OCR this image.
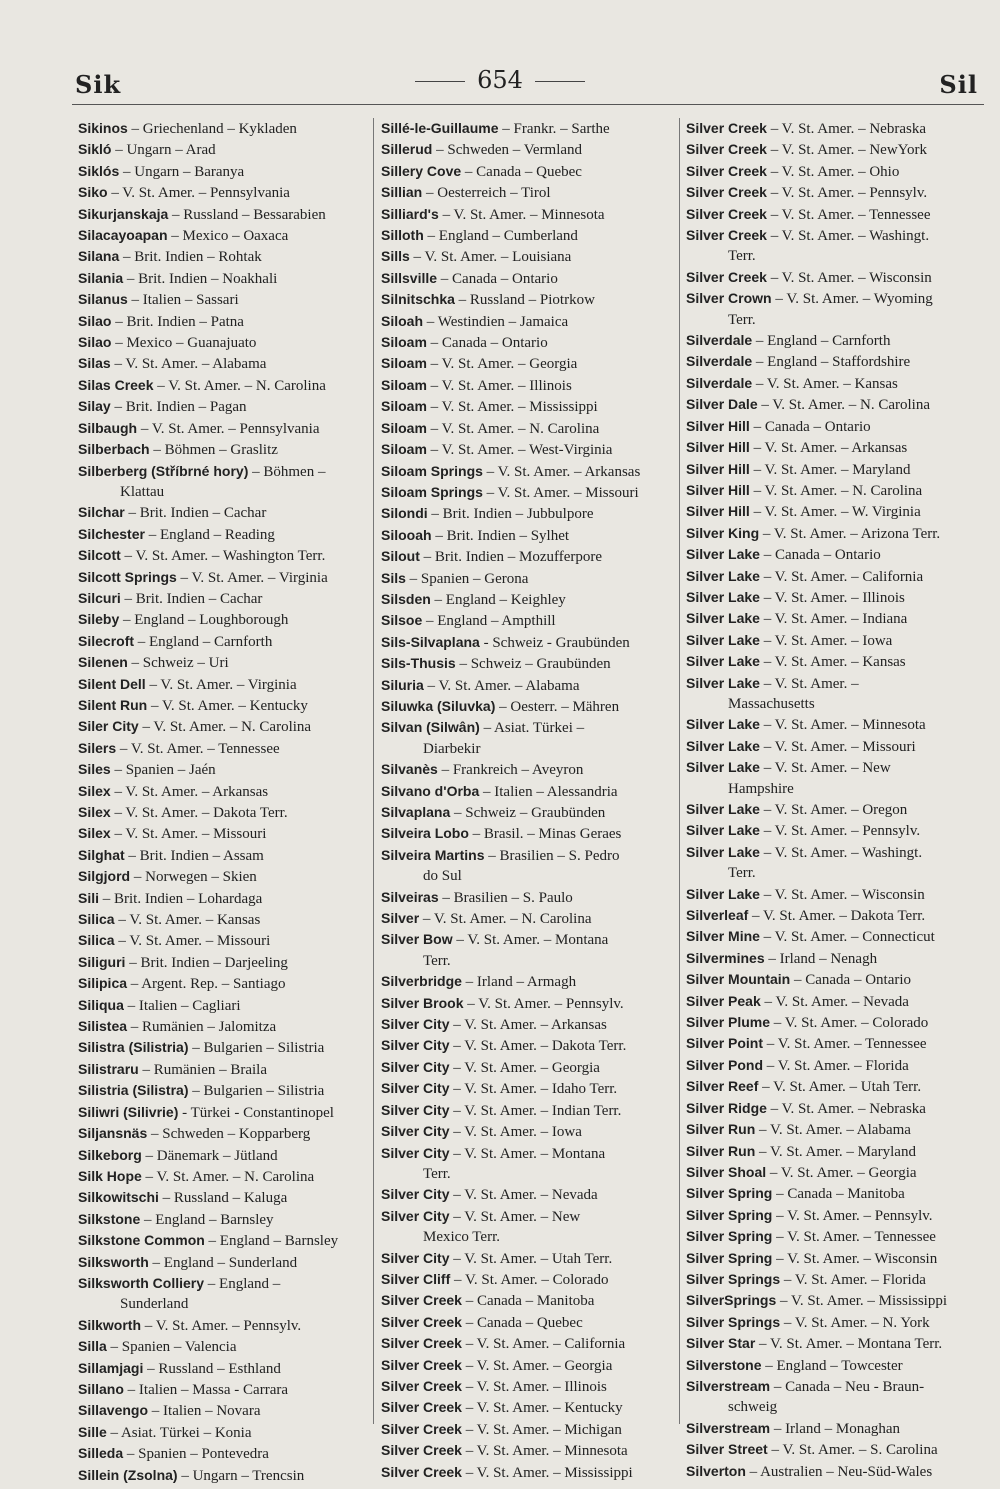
Sik	654	Sil
Sikinos – Griechenland – Kykladen
Sikló – Ungarn – Arad
Siklós – Ungarn – Baranya
Siko – V. St. Amer. – Pennsylvania
Sikurjanskaja – Russland – Bessarabien
Silacayoapan – Mexico – Oaxaca
Silana – Brit. Indien – Rohtak
Silania – Brit. Indien – Noakhali
Silanus – Italien – Sassari
Silao – Brit. Indien – Patna
Silao – Mexico – Guanajuato
Silas – V. St. Amer. – Alabama
Silas Creek – V. St. Amer. – N. Carolina
Silay – Brit. Indien – Pagan
Silbaugh – V. St. Amer. – Pennsylvania
Silberbach – Böhmen – Graslitz
Silberberg (Stříbrné hory) – Böhmen –
Klattau
Silchar – Brit. Indien – Cachar
Silchester – England – Reading
Silcott – V. St. Amer. – Washington Terr.
Silcott Springs – V. St. Amer. – Virginia
Silcuri – Brit. Indien – Cachar
Sileby – England – Loughborough
Silecroft – England – Carnforth
Silenen – Schweiz – Uri
Silent Dell – V. St. Amer. – Virginia
Silent Run – V. St. Amer. – Kentucky
Siler City – V. St. Amer. – N. Carolina
Silers – V. St. Amer. – Tennessee
Siles – Spanien – Jaén
Silex – V. St. Amer. – Arkansas
Silex – V. St. Amer. – Dakota Terr.
Silex – V. St. Amer. – Missouri
Silghat – Brit. Indien – Assam
Silgjord – Norwegen – Skien
Sili – Brit. Indien – Lohardaga
Silica – V. St. Amer. – Kansas
Silica – V. St. Amer. – Missouri
Siliguri – Brit. Indien – Darjeeling
Silipica – Argent. Rep. – Santiago
Siliqua – Italien – Cagliari
Silistea – Rumänien – Jalomitza
Silistra (Silistria) – Bulgarien – Silistria
Silistraru – Rumänien – Braila
Silistria (Silistra) – Bulgarien – Silistria
Siliwri (Silivrie) - Türkei - Constantinopel
Siljansnäs – Schweden – Kopparberg
Silkeborg – Dänemark – Jütland
Silk Hope – V. St. Amer. – N. Carolina
Silkowitschi – Russland – Kaluga
Silkstone – England – Barnsley
Silkstone Common – England – Barnsley
Silksworth – England – Sunderland
Silksworth Colliery – England –
Sunderland
Silkworth – V. St. Amer. – Pennsylv.
Silla – Spanien – Valencia
Sillamjagi – Russland – Esthland
Sillano – Italien – Massa - Carrara
Sillavengo – Italien – Novara
Sille – Asiat. Türkei – Konia
Silleda – Spanien – Pontevedra
Sillein (Zsolna) – Ungarn – Trencsin
Sillé-le-Guillaume – Frankr. – Sarthe
Sillerud – Schweden – Vermland
Sillery Cove – Canada – Quebec
Sillian – Oesterreich – Tirol
Silliard's – V. St. Amer. – Minnesota
Silloth – England – Cumberland
Sills – V. St. Amer. – Louisiana
Sillsville – Canada – Ontario
Silnitschka – Russland – Piotrkow
Siloah – Westindien – Jamaica
Siloam – Canada – Ontario
Siloam – V. St. Amer. – Georgia
Siloam – V. St. Amer. – Illinois
Siloam – V. St. Amer. – Mississippi
Siloam – V. St. Amer. – N. Carolina
Siloam – V. St. Amer. – West-Virginia
Siloam Springs – V. St. Amer. – Arkansas
Siloam Springs – V. St. Amer. – Missouri
Silondi – Brit. Indien – Jubbulpore
Silooah – Brit. Indien – Sylhet
Silout – Brit. Indien – Mozufferpore
Sils – Spanien – Gerona
Silsden – England – Keighley
Silsoe – England – Ampthill
Sils-Silvaplana - Schweiz - Graubünden
Sils-Thusis – Schweiz – Graubünden
Siluria – V. St. Amer. – Alabama
Siluwka (Siluvka) – Oesterr. – Mähren
Silvan (Silwân) – Asiat. Türkei –
Diarbekir
Silvanès – Frankreich – Aveyron
Silvano d'Orba – Italien – Alessandria
Silvaplana – Schweiz – Graubünden
Silveira Lobo – Brasil. – Minas Geraes
Silveira Martins – Brasilien – S. Pedro
do Sul
Silveiras – Brasilien – S. Paulo
Silver – V. St. Amer. – N. Carolina
Silver Bow – V. St. Amer. – Montana
Terr.
Silverbridge – Irland – Armagh
Silver Brook – V. St. Amer. – Pennsylv.
Silver City – V. St. Amer. – Arkansas
Silver City – V. St. Amer. – Dakota Terr.
Silver City – V. St. Amer. – Georgia
Silver City – V. St. Amer. – Idaho Terr.
Silver City – V. St. Amer. – Indian Terr.
Silver City – V. St. Amer. – Iowa
Silver City – V. St. Amer. – Montana
Terr.
Silver City – V. St. Amer. – Nevada
Silver City – V. St. Amer. – New
Mexico Terr.
Silver City – V. St. Amer. – Utah Terr.
Silver Cliff – V. St. Amer. – Colorado
Silver Creek – Canada – Manitoba
Silver Creek – Canada – Quebec
Silver Creek – V. St. Amer. – California
Silver Creek – V. St. Amer. – Georgia
Silver Creek – V. St. Amer. – Illinois
Silver Creek – V. St. Amer. – Kentucky
Silver Creek – V. St. Amer. – Michigan
Silver Creek – V. St. Amer. – Minnesota
Silver Creek – V. St. Amer. – Mississippi
Silver Creek – V. St. Amer. – Nebraska
Silver Creek – V. St. Amer. – NewYork
Silver Creek – V. St. Amer. – Ohio
Silver Creek – V. St. Amer. – Pennsylv.
Silver Creek – V. St. Amer. – Tennessee
Silver Creek – V. St. Amer. – Washingt.
Terr.
Silver Creek – V. St. Amer. – Wisconsin
Silver Crown – V. St. Amer. – Wyoming
Terr.
Silverdale – England – Carnforth
Silverdale – England – Staffordshire
Silverdale – V. St. Amer. – Kansas
Silver Dale – V. St. Amer. – N. Carolina
Silver Hill – Canada – Ontario
Silver Hill – V. St. Amer. – Arkansas
Silver Hill – V. St. Amer. – Maryland
Silver Hill – V. St. Amer. – N. Carolina
Silver Hill – V. St. Amer. – W. Virginia
Silver King – V. St. Amer. – Arizona Terr.
Silver Lake – Canada – Ontario
Silver Lake – V. St. Amer. – California
Silver Lake – V. St. Amer. – Illinois
Silver Lake – V. St. Amer. – Indiana
Silver Lake – V. St. Amer. – Iowa
Silver Lake – V. St. Amer. – Kansas
Silver Lake – V. St. Amer. –
Massachusetts
Silver Lake – V. St. Amer. – Minnesota
Silver Lake – V. St. Amer. – Missouri
Silver Lake – V. St. Amer. – New
Hampshire
Silver Lake – V. St. Amer. – Oregon
Silver Lake – V. St. Amer. – Pennsylv.
Silver Lake – V. St. Amer. – Washingt.
Terr.
Silver Lake – V. St. Amer. – Wisconsin
Silverleaf – V. St. Amer. – Dakota Terr.
Silver Mine – V. St. Amer. – Connecticut
Silvermines – Irland – Nenagh
Silver Mountain – Canada – Ontario
Silver Peak – V. St. Amer. – Nevada
Silver Plume – V. St. Amer. – Colorado
Silver Point – V. St. Amer. – Tennessee
Silver Pond – V. St. Amer. – Florida
Silver Reef – V. St. Amer. – Utah Terr.
Silver Ridge – V. St. Amer. – Nebraska
Silver Run – V. St. Amer. – Alabama
Silver Run – V. St. Amer. – Maryland
Silver Shoal – V. St. Amer. – Georgia
Silver Spring – Canada – Manitoba
Silver Spring – V. St. Amer. – Pennsylv.
Silver Spring – V. St. Amer. – Tennessee
Silver Spring – V. St. Amer. – Wisconsin
Silver Springs – V. St. Amer. – Florida
SilverSprings – V. St. Amer. – Mississippi
Silver Springs – V. St. Amer. – N. York
Silver Star – V. St. Amer. – Montana Terr.
Silverstone – England – Towcester
Silverstream – Canada – Neu - Braun-
schweig
Silverstream – Irland – Monaghan
Silver Street – V. St. Amer. – S. Carolina
Silverton – Australien – Neu-Süd-Wales
